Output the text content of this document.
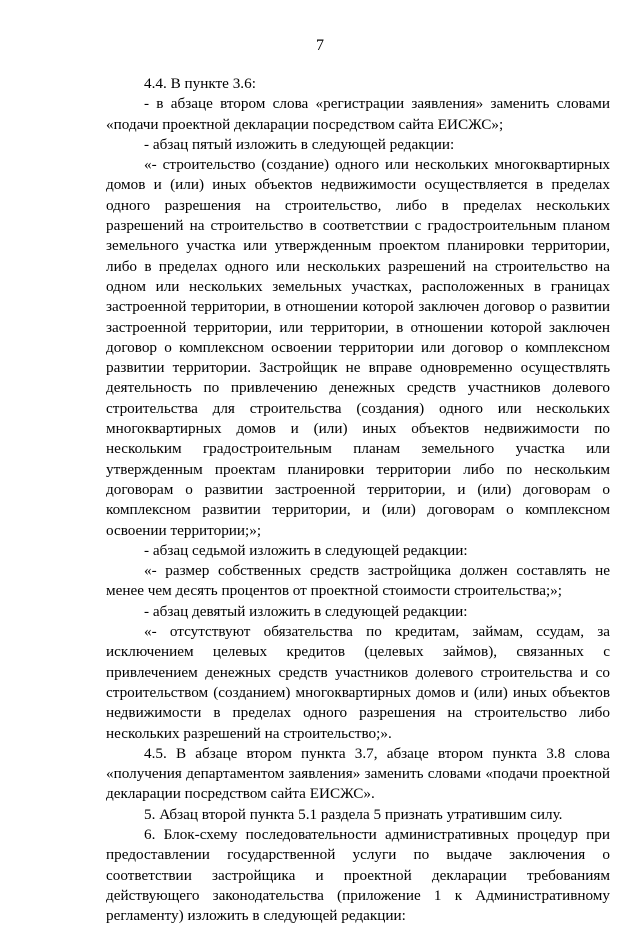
7

4.4. В пункте 3.6:

- в абзаце втором слова «регистрации заявления» заменить словами «подачи проектной декларации посредством сайта ЕИСЖС»;

- абзац пятый изложить в следующей редакции:

«- строительство (создание) одного или нескольких многоквартирных домов и (или) иных объектов недвижимости осуществляется в пределах одного разрешения на строительство, либо в пределах нескольких разрешений на строительство в соответствии с градостроительным планом земельного участка или утвержденным проектом планировки территории, либо в пределах одного или нескольких разрешений на строительство на одном или нескольких земельных участках, расположенных в границах застроенной территории, в отношении которой заключен договор о развитии застроенной территории, или территории, в отношении которой заключен договор о комплексном освоении территории или договор о комплексном развитии территории. Застройщик не вправе одновременно осуществлять деятельность по привлечению денежных средств участников долевого строительства для строительства (создания) одного или нескольких многоквартирных домов и (или) иных объектов недвижимости по нескольким градостроительным планам земельного участка или утвержденным проектам планировки территории либо по нескольким договорам о развитии застроенной территории, и (или) договорам о комплексном развитии территории, и (или) договорам о комплексном освоении территории;»;

- абзац седьмой изложить в следующей редакции:

«- размер собственных средств застройщика должен составлять не менее чем десять процентов от проектной стоимости строительства;»;

- абзац девятый изложить в следующей редакции:

«- отсутствуют обязательства по кредитам, займам, ссудам, за исключением целевых кредитов (целевых займов), связанных с привлечением денежных средств участников долевого строительства и со строительством (созданием) многоквартирных домов и (или) иных объектов недвижимости в пределах одного разрешения на строительство либо нескольких разрешений на строительство;».

4.5. В абзаце втором пункта 3.7, абзаце втором пункта 3.8 слова «получения департаментом заявления» заменить словами «подачи проектной декларации посредством сайта ЕИСЖС».

5. Абзац второй пункта 5.1 раздела 5 признать утратившим силу.

6. Блок-схему последовательности административных процедур при предоставлении государственной услуги по выдаче заключения о соответствии застройщика и проектной декларации требованиям действующего законодательства (приложение 1 к Административному регламенту) изложить в следующей редакции:
